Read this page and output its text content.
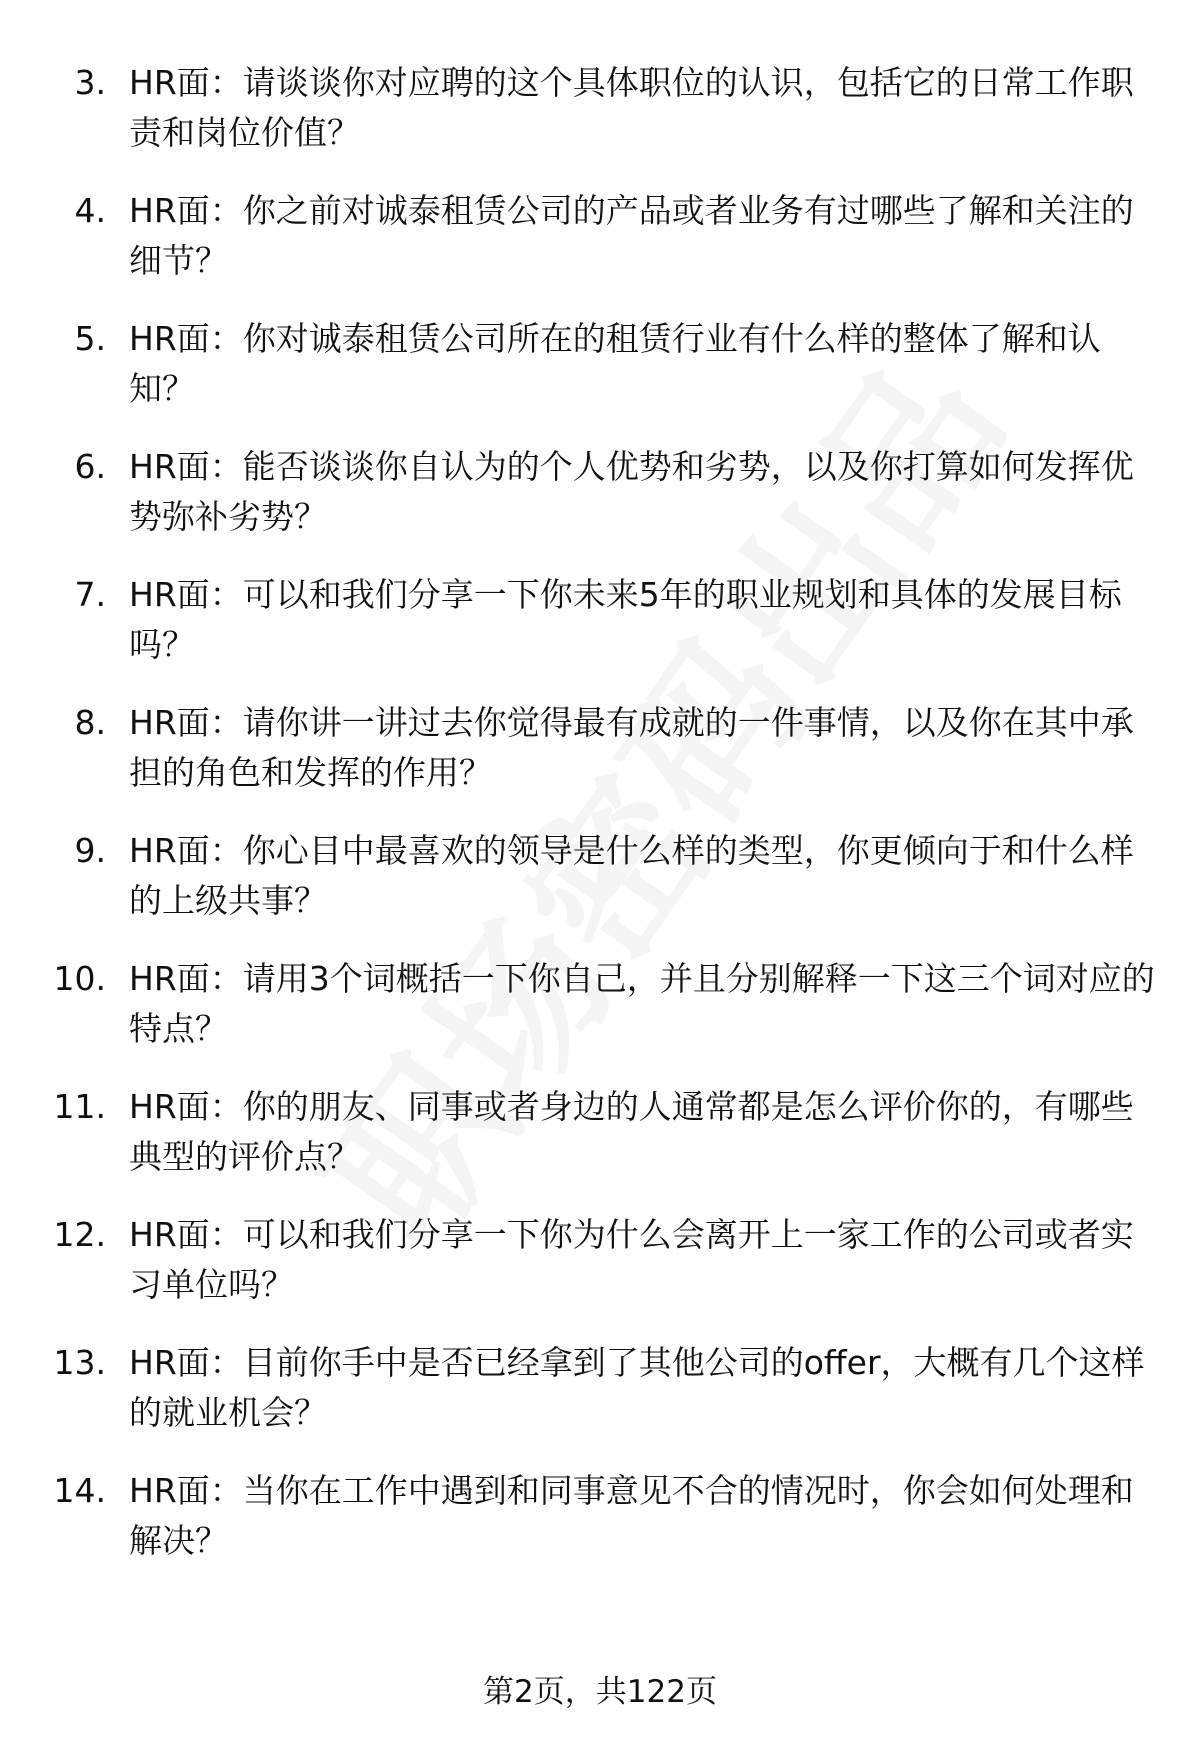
3. HR面：请谈谈你对应聘的这个具体职位的认识，包括它的日常工作职责和岗位价值？

4. HR面：你之前对诚泰租赁公司的产品或者业务有过哪些了解和关注的细节？

5. HR面：你对诚泰租赁公司所在的租赁行业有什么样的整体了解和认知？

6. HR面：能否谈谈你自认为的个人优势和劣势，以及你打算如何发挥优势弥补劣势？

7. HR面：可以和我们分享一下你未来5年的职业规划和具体的发展目标吗？

8. HR面：请你讲一讲过去你觉得最有成就的一件事情，以及你在其中承担的角色和发挥的作用？

9. HR面：你心目中最喜欢的领导是什么样的类型，你更倾向于和什么样的上级共事？

10. HR面：请用3个词概括一下你自己，并且分别解释一下这三个词对应的特点？

11. HR面：你的朋友、同事或者身边的人通常都是怎么评价你的，有哪些典型的评价点？

12. HR面：可以和我们分享一下你为什么会离开上一家工作的公司或者实习单位吗？

13. HR面：目前你手中是否已经拿到了其他公司的offer，大概有几个这样的就业机会？

14. HR面：当你在工作中遇到和同事意见不合的情况时，你会如何处理和解决？

第2页，共122页
